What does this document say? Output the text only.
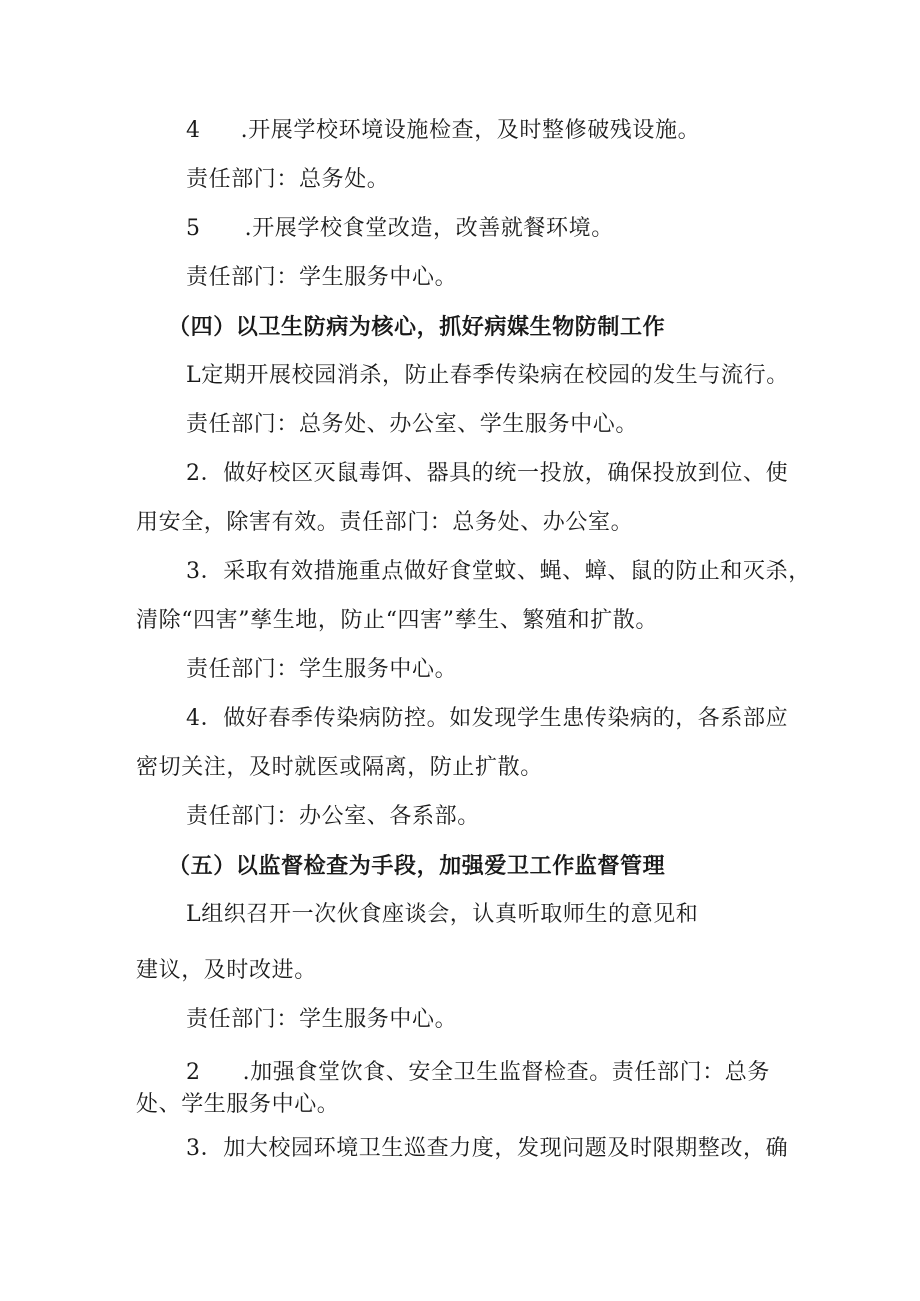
4 .开展学校环境设施检查，及时整修破残设施。
责任部门：总务处。
5 .开展学校食堂改造，改善就餐环境。
责任部门：学生服务中心。
（四）以卫生防病为核心，抓好病媒生物防制工作
L定期开展校园消杀，防止春季传染病在校园的发生与流行。
责任部门：总务处、办公室、学生服务中心。
2．做好校区灭鼠毒饵、器具的统一投放，确保投放到位、使
用安全，除害有效。责任部门：总务处、办公室。
3．采取有效措施重点做好食堂蚊、蝇、蟑、鼠的防止和灭杀，
清除“四害”孳生地，防止“四害”孳生、繁殖和扩散。
责任部门：学生服务中心。
4．做好春季传染病防控。如发现学生患传染病的，各系部应
密切关注，及时就医或隔离，防止扩散。
责任部门：办公室、各系部。
（五）以监督检查为手段，加强爱卫工作监督管理
L组织召开一次伙食座谈会，认真听取师生的意见和
建议，及时改进。
责任部门：学生服务中心。
2 .加强食堂饮食、安全卫生监督检查。责任部门：总务
处、学生服务中心。
3．加大校园环境卫生巡查力度，发现问题及时限期整改，确
